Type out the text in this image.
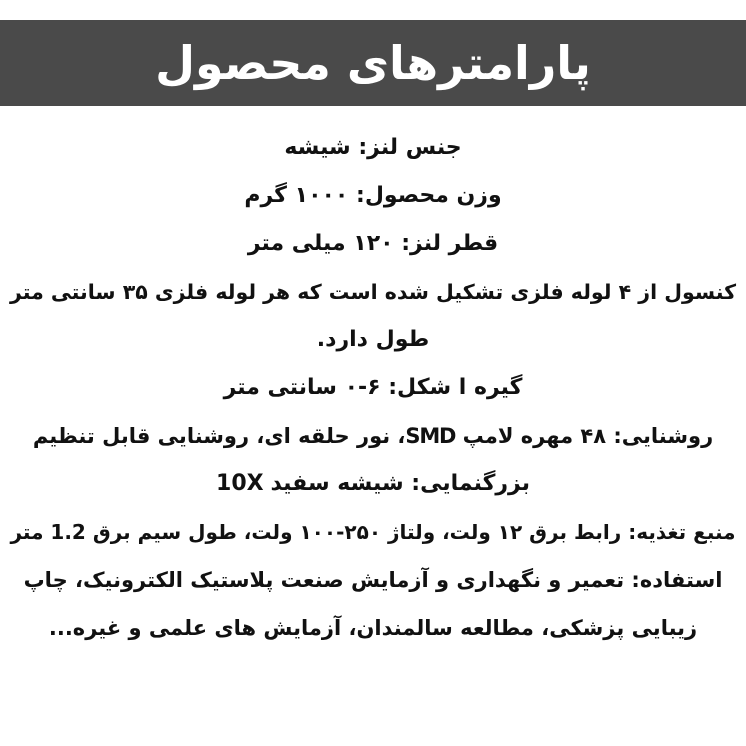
پارامترهای محصول
جنس لنز: شیشه
وزن محصول: ۱۰۰۰ گرم
قطر لنز: ۱۲۰ میلی متر
کنسول از ۴ لوله فلزی تشکیل شده است که هر لوله فلزی ۳۵ سانتی متر
طول دارد.
گیره ا شکل: ۶-۰ سانتی متر
روشنایی: ۴۸ مهره لامپ SMD، نور حلقه ای، روشنایی قابل تنظیم
بزرگنمایی: شیشه سفید 10X
منبع تغذیه: رابط برق ۱۲ ولت، ولتاژ ۲۵۰-۱۰۰ ولت، طول سیم برق 1.2 متر
استفاده: تعمیر و نگهداری و آزمایش صنعت پلاستیک الکترونیک، چاپ
زیبایی پزشکی، مطالعه سالمندان، آزمایش های علمی و غیره...
